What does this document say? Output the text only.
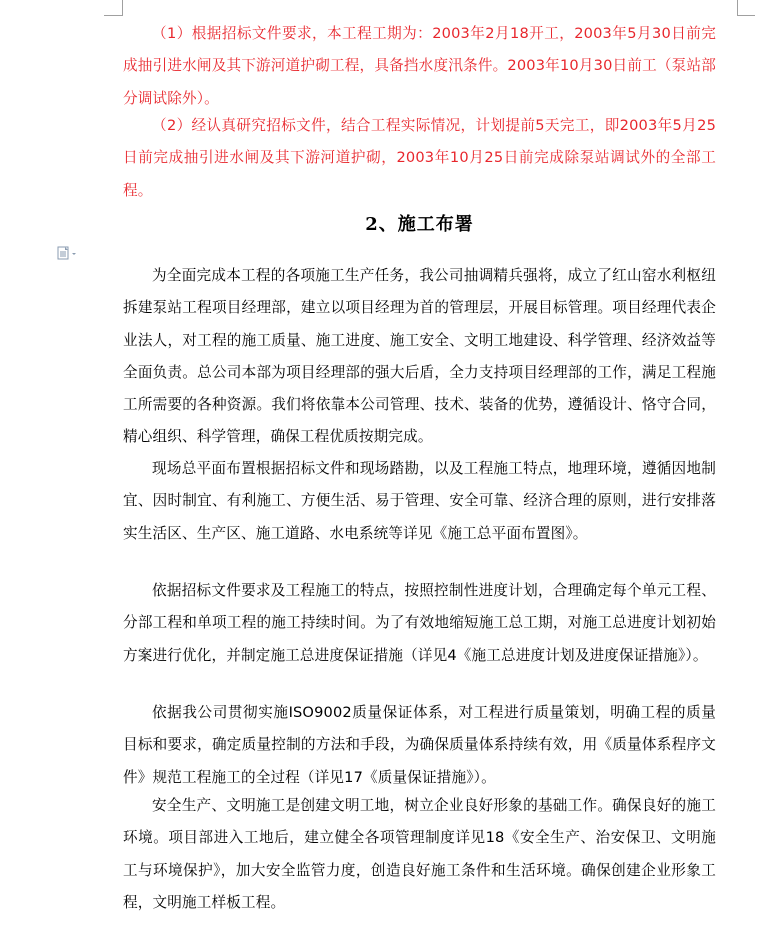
（1）根据招标文件要求，本工程工期为：2003年2月18开工，2003年5月30日前完成抽引进水闸及其下游河道护砌工程，具备挡水度汛条件。2003年10月30日前工（泵站部分调试除外）。

（2）经认真研究招标文件，结合工程实际情况，计划提前5天完工，即2003年5月25日前完成抽引进水闸及其下游河道护砌，2003年10月25日前完成除泵站调试外的全部工程。

2、施工布署

为全面完成本工程的各项施工生产任务，我公司抽调精兵强将，成立了红山窑水利枢纽拆建泵站工程项目经理部，建立以项目经理为首的管理层，开展目标管理。项目经理代表企业法人，对工程的施工质量、施工进度、施工安全、文明工地建设、科学管理、经济效益等全面负责。总公司本部为项目经理部的强大后盾，全力支持项目经理部的工作，满足工程施工所需要的各种资源。我们将依靠本公司管理、技术、装备的优势，遵循设计、恪守合同，精心组织、科学管理，确保工程优质按期完成。

现场总平面布置根据招标文件和现场踏勘，以及工程施工特点，地理环境，遵循因地制宜、因时制宜、有利施工、方便生活、易于管理、安全可靠、经济合理的原则，进行安排落实生活区、生产区、施工道路、水电系统等详见《施工总平面布置图》。

依据招标文件要求及工程施工的特点，按照控制性进度计划，合理确定每个单元工程、分部工程和单项工程的施工持续时间。为了有效地缩短施工总工期，对施工总进度计划初始方案进行优化，并制定施工总进度保证措施（详见4《施工总进度计划及进度保证措施》）。

依据我公司贯彻实施ISO9002质量保证体系，对工程进行质量策划，明确工程的质量目标和要求，确定质量控制的方法和手段，为确保质量体系持续有效，用《质量体系程序文件》规范工程施工的全过程（详见17《质量保证措施》）。

安全生产、文明施工是创建文明工地，树立企业良好形象的基础工作。确保良好的施工环境。项目部进入工地后，建立健全各项管理制度详见18《安全生产、治安保卫、文明施工与环境保护》，加大安全监管力度，创造良好施工条件和生活环境。确保创建企业形象工程，文明施工样板工程。
